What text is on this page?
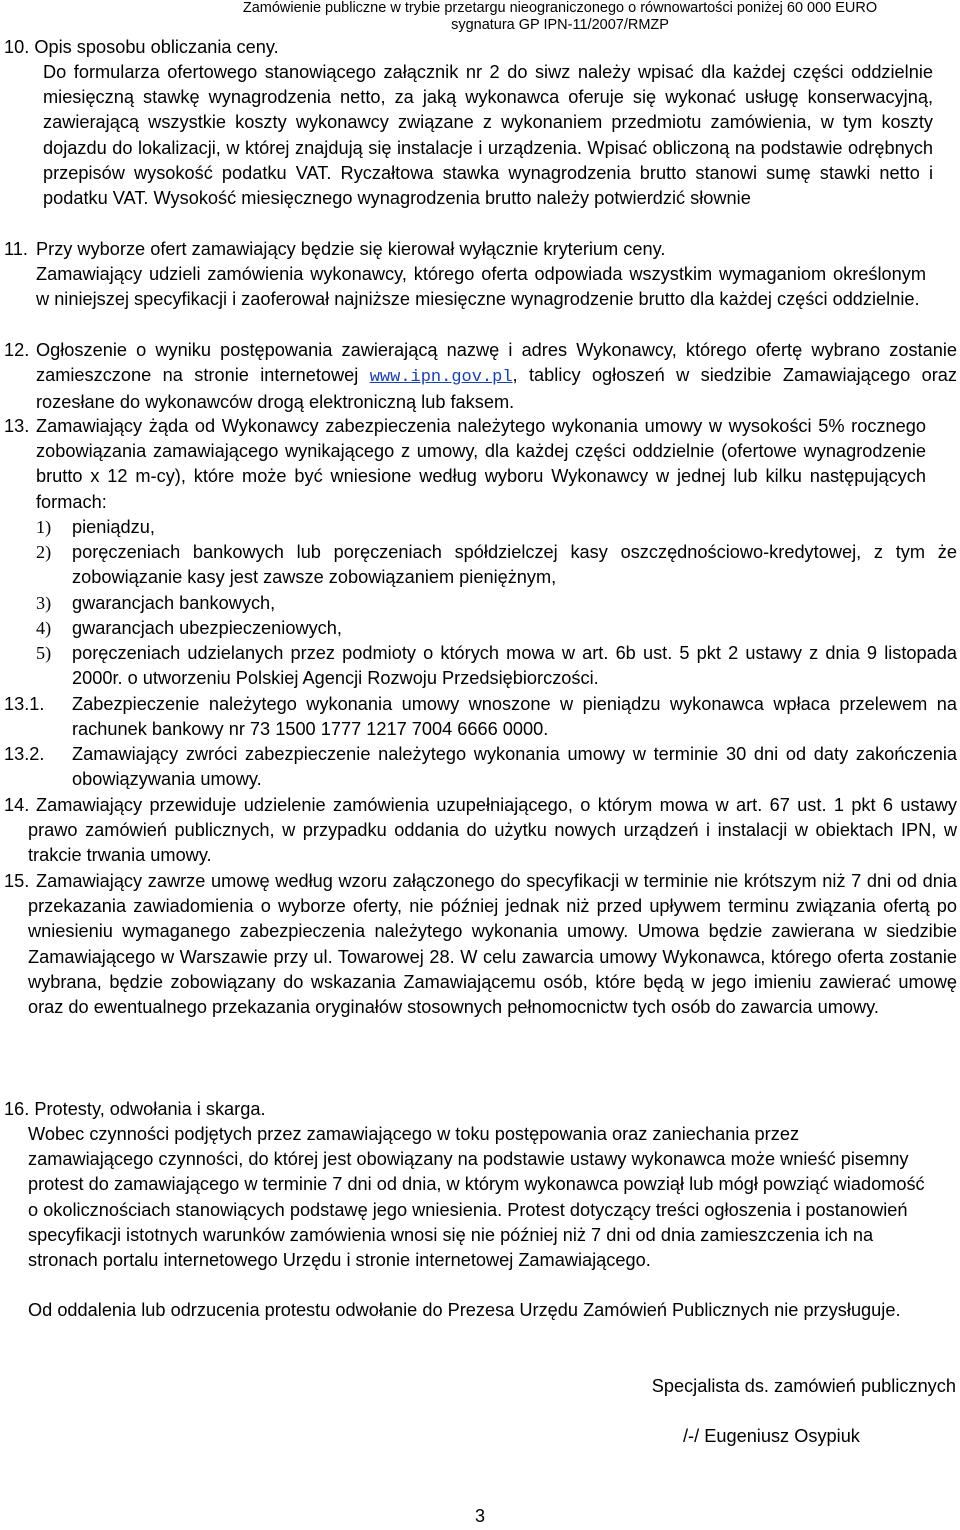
Zamówienie publiczne w trybie przetargu nieograniczonego o równowartości poniżej 60 000 EURO
sygnatura GP IPN-11/2007/RMZP
10. Opis sposobu obliczania ceny.
Do formularza ofertowego stanowiącego załącznik nr 2 do siwz należy wpisać dla każdej części oddzielnie miesięczną stawkę wynagrodzenia netto, za jaką wykonawca oferuje się wykonać usługę konserwacyjną, zawierającą wszystkie koszty wykonawcy związane z wykonaniem przedmiotu zamówienia, w tym koszty dojazdu do lokalizacji, w której znajdują się instalacje i urządzenia. Wpisać obliczoną na podstawie odrębnych przepisów wysokość podatku VAT. Ryczałtowa stawka wynagrodzenia brutto stanowi sumę stawki netto i podatku VAT. Wysokość miesięcznego wynagrodzenia brutto należy potwierdzić słownie
11. Przy wyborze ofert zamawiający będzie się kierował wyłącznie kryterium ceny.
Zamawiający udzieli zamówienia wykonawcy, którego oferta odpowiada wszystkim wymaganiom określonym w niniejszej specyfikacji i zaoferował najniższe miesięczne wynagrodzenie brutto dla każdej części oddzielnie.
12. Ogłoszenie o wyniku postępowania zawierającą nazwę i adres Wykonawcy, którego ofertę wybrano zostanie zamieszczone na stronie internetowej www.ipn.gov.pl, tablicy ogłoszeń w siedzibie Zamawiającego oraz rozesłane do wykonawców drogą elektroniczną lub faksem.
13. Zamawiający żąda od Wykonawcy zabezpieczenia należytego wykonania umowy w wysokości 5% rocznego zobowiązania zamawiającego wynikającego z umowy, dla każdej części oddzielnie (ofertowe wynagrodzenie brutto x 12 m-cy), które może być wniesione według wyboru Wykonawcy w jednej lub kilku następujących formach:
1) pieniądzu,
2) poręczeniach bankowych lub poręczeniach spółdzielczej kasy oszczędnościowo-kredytowej, z tym że zobowiązanie kasy jest zawsze zobowiązaniem pieniężnym,
3) gwarancjach bankowych,
4) gwarancjach ubezpieczeniowych,
5) poręczeniach udzielanych przez podmioty o których mowa w art. 6b ust. 5 pkt 2 ustawy z dnia 9 listopada 2000r. o utworzeniu Polskiej Agencji Rozwoju Przedsiębiorczości.
13.1. Zabezpieczenie należytego wykonania umowy wnoszone w pieniądzu wykonawca wpłaca przelewem na rachunek bankowy nr 73 1500 1777 1217 7004 6666 0000.
13.2. Zamawiający zwróci zabezpieczenie należytego wykonania umowy w terminie 30 dni od daty zakończenia obowiązywania umowy.
14. Zamawiający przewiduje udzielenie zamówienia uzupełniającego, o którym mowa w art. 67 ust. 1 pkt 6 ustawy prawo zamówień publicznych, w przypadku oddania do użytku nowych urządzeń i instalacji w obiektach IPN, w trakcie trwania umowy.
15. Zamawiający zawrze umowę według wzoru załączonego do specyfikacji w terminie nie krótszym niż 7 dni od dnia przekazania zawiadomienia o wyborze oferty, nie później jednak niż przed upływem terminu związania ofertą po wniesieniu wymaganego zabezpieczenia należytego wykonania umowy. Umowa będzie zawierana w siedzibie Zamawiającego w Warszawie przy ul. Towarowej 28. W celu zawarcia umowy Wykonawca, którego oferta zostanie wybrana, będzie zobowiązany do wskazania Zamawiającemu osób, które będą w jego imieniu zawierać umowę oraz do ewentualnego przekazania oryginałów stosownych pełnomocnictw tych osób do zawarcia umowy.
16. Protesty, odwołania i skarga.
Wobec czynności podjętych przez zamawiającego w toku postępowania oraz zaniechania przez zamawiającego czynności, do której jest obowiązany na podstawie ustawy wykonawca może wnieść pisemny protest do zamawiającego w terminie 7 dni od dnia, w którym wykonawca powziął lub mógł powziąć wiadomość o okolicznościach stanowiących podstawę jego wniesienia. Protest dotyczący treści ogłoszenia i postanowień specyfikacji istotnych warunków zamówienia wnosi się nie później niż 7 dni od dnia zamieszczenia ich na stronach portalu internetowego Urzędu i stronie internetowej Zamawiającego.
Od oddalenia lub odrzucenia protestu odwołanie do Prezesa Urzędu Zamówień Publicznych nie przysługuje.
Specjalista ds. zamówień publicznych
/-/ Eugeniusz Osypiuk
3
